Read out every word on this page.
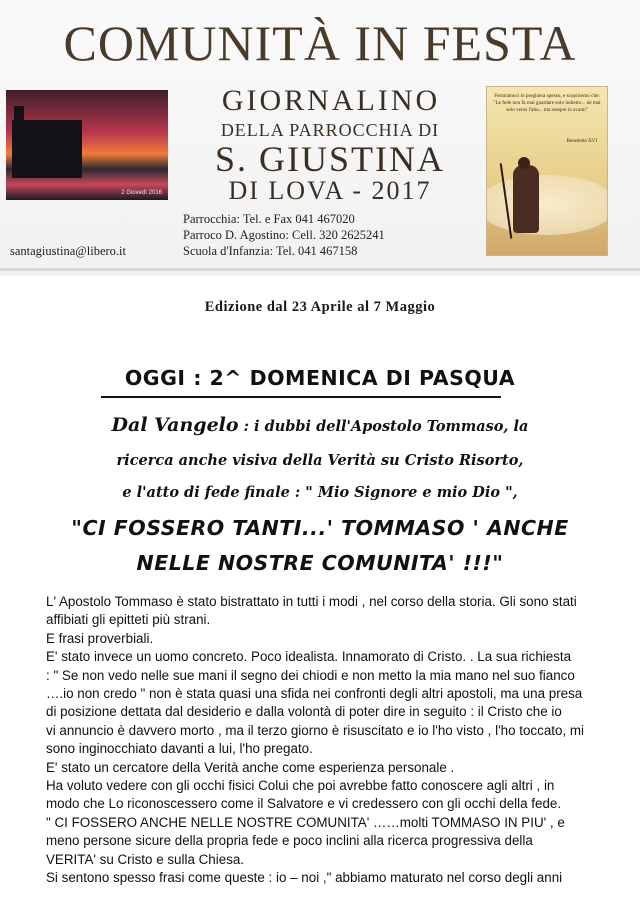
COMUNITÀ IN FESTA
2 Giovedì 2016
GIORNALINO
DELLA PARROCCHIA DI
S. GIUSTINA
DI LOVA - 2017
Parrocchia: Tel. e Fax 041 467020
Parroco D. Agostino: Cell. 320 2625241
Scuola d'Infanzia: Tel. 041 467158
santagiustina@libero.it
Fermiamoci in preghiera spesso, e scopriremo che: "Le fede non fa mai guardare solo indietro... né mai solo verso l'alto... ma sempre in avanti"
Benedetto XVI
Edizione dal 23 Aprile al 7 Maggio
OGGI : 2^ DOMENICA DI PASQUA
Dal Vangelo : i dubbi dell'Apostolo Tommaso, la
ricerca anche visiva della Verità su Cristo Risorto,
e l'atto di fede finale : " Mio Signore e mio Dio ",
"CI FOSSERO TANTI...' TOMMASO ' ANCHE
NELLE NOSTRE COMUNITA' !!!"
L' Apostolo Tommaso è stato bistrattato in tutti i modi , nel corso della storia. Gli sono stati
affibiati gli epitteti più strani.
E frasi proverbiali.
E' stato invece un uomo concreto. Poco idealista. Innamorato di Cristo. . La sua richiesta
: " Se non vedo nelle sue mani il segno dei chiodi e non metto la mia mano nel suo fianco
….io non credo " non è stata quasi una sfida nei confronti degli altri apostoli, ma una presa
di posizione dettata dal desiderio e dalla volontà di poter dire in seguito : il Cristo che io
vi annuncio è davvero morto , ma il terzo giorno è risuscitato e io l'ho visto , l'ho toccato, mi
sono inginocchiato davanti a lui, l'ho pregato.
E' stato un cercatore della Verità anche come esperienza personale .
Ha voluto vedere con gli occhi fisici Colui che poi avrebbe fatto conoscere agli altri , in
modo che Lo riconoscessero come il Salvatore e vi credessero con gli occhi della fede.
" CI FOSSERO ANCHE NELLE NOSTRE COMUNITA' ……molti TOMMASO IN PIU' , e
meno persone sicure della propria fede e poco inclini alla ricerca progressiva della
VERITA' su Cristo e sulla Chiesa.
Si sentono spesso frasi come queste : io – noi ," abbiamo maturato nel corso degli anni
